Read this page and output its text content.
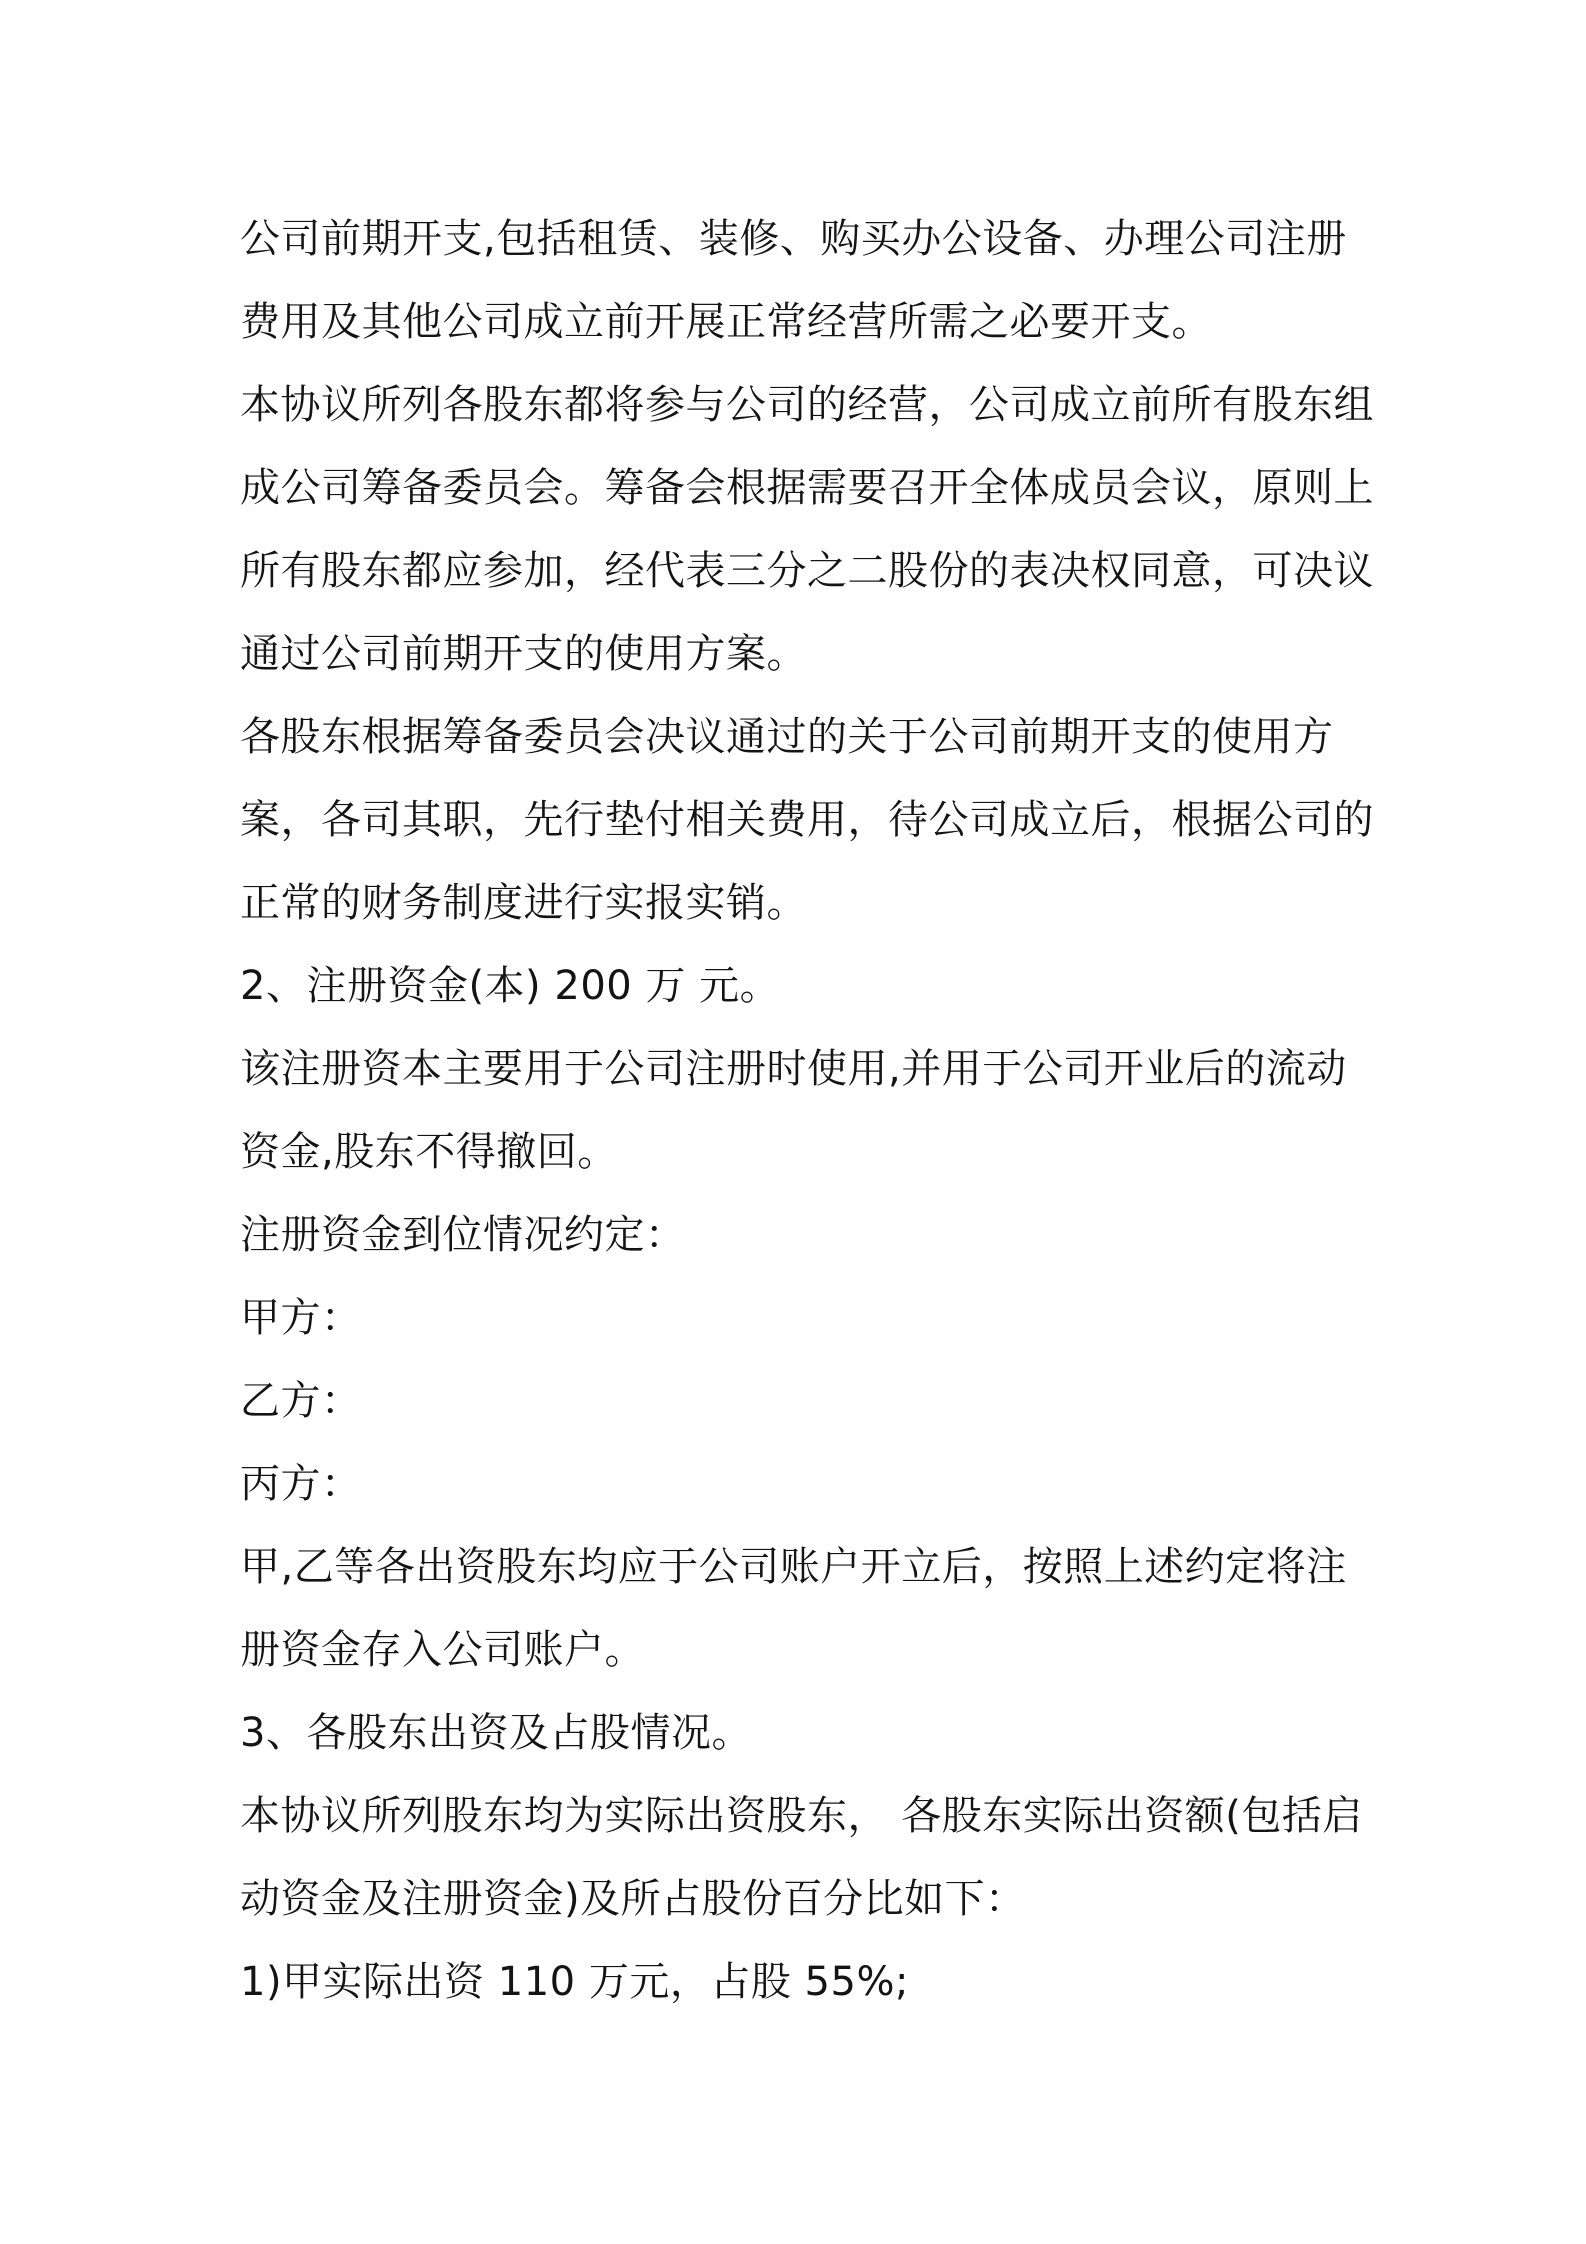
公司前期开支,包括租赁、装修、购买办公设备、办理公司注册
费用及其他公司成立前开展正常经营所需之必要开支。
本协议所列各股东都将参与公司的经营，公司成立前所有股东组
成公司筹备委员会。筹备会根据需要召开全体成员会议，原则上
所有股东都应参加，经代表三分之二股份的表决权同意，可决议
通过公司前期开支的使用方案。
各股东根据筹备委员会决议通过的关于公司前期开支的使用方
案，各司其职，先行垫付相关费用，待公司成立后，根据公司的
正常的财务制度进行实报实销。
2、注册资金(本) 200 万 元。
该注册资本主要用于公司注册时使用,并用于公司开业后的流动
资金,股东不得撤回。
注册资金到位情况约定：
甲方：
乙方：
丙方：
甲,乙等各出资股东均应于公司账户开立后，按照上述约定将注
册资金存入公司账户。
3、各股东出资及占股情况。
本协议所列股东均为实际出资股东， 各股东实际出资额(包括启
动资金及注册资金)及所占股份百分比如下：
1)甲实际出资 110 万元，占股 55%;
